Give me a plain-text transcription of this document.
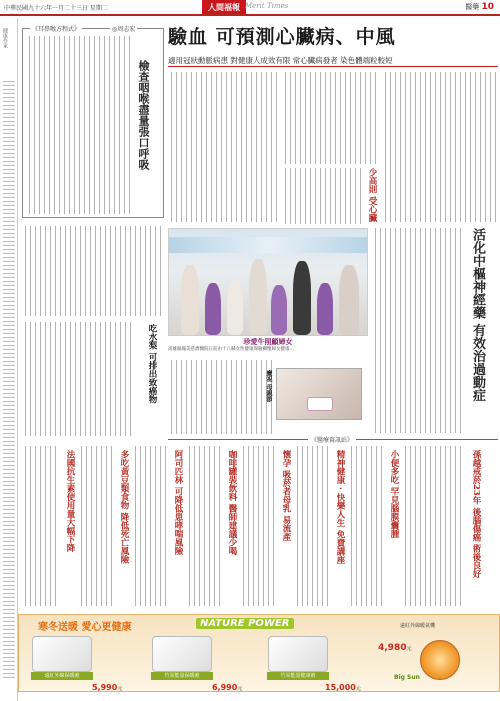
中華民國九十六年一月二十三日 星期二	人間福報 Merit Times	醫藥 10
健康作家	《耳鼻喉方程式》	◎周志宏
檢查咽喉盡量張口呼吸
驗血 可預測心臟病、中風
適用冠狀動脈病患 對健康人成效有限 常心臟病發者 染色體端粒較短
少高則 受心臟
活化中樞神經藥 有效治過動症
吃水梨 可排出致癌物	珍愛牛照顧婦女
高雄縣鳳美慈濟醫院日前由十八縣女性健康保險關懷婦女健康…
慶祝 母親節
《醫療資訊站》
法國抗生素使用量大幅下降	多吃黃豆類食物 降低死亡風險	阿司匹林 可降低患哮喘風險	咖啡罐裝飲料 醫師建議少喝	懷孕 吸菸者母乳 易流產	精神健康 · 快樂人生 免費講座	小便多吃 罕見腦膜囊腫	孫越戒菸23年 後腦傷癌 術後良好
寒冬送暖 愛心更健康	NATURE POWER
遠紅外線保暖被
5,990元
竹炭能量保暖被
6,990元
竹炭能量健康被
15,000元
遠紅外線暖氣機
4,980元
Big Sun
